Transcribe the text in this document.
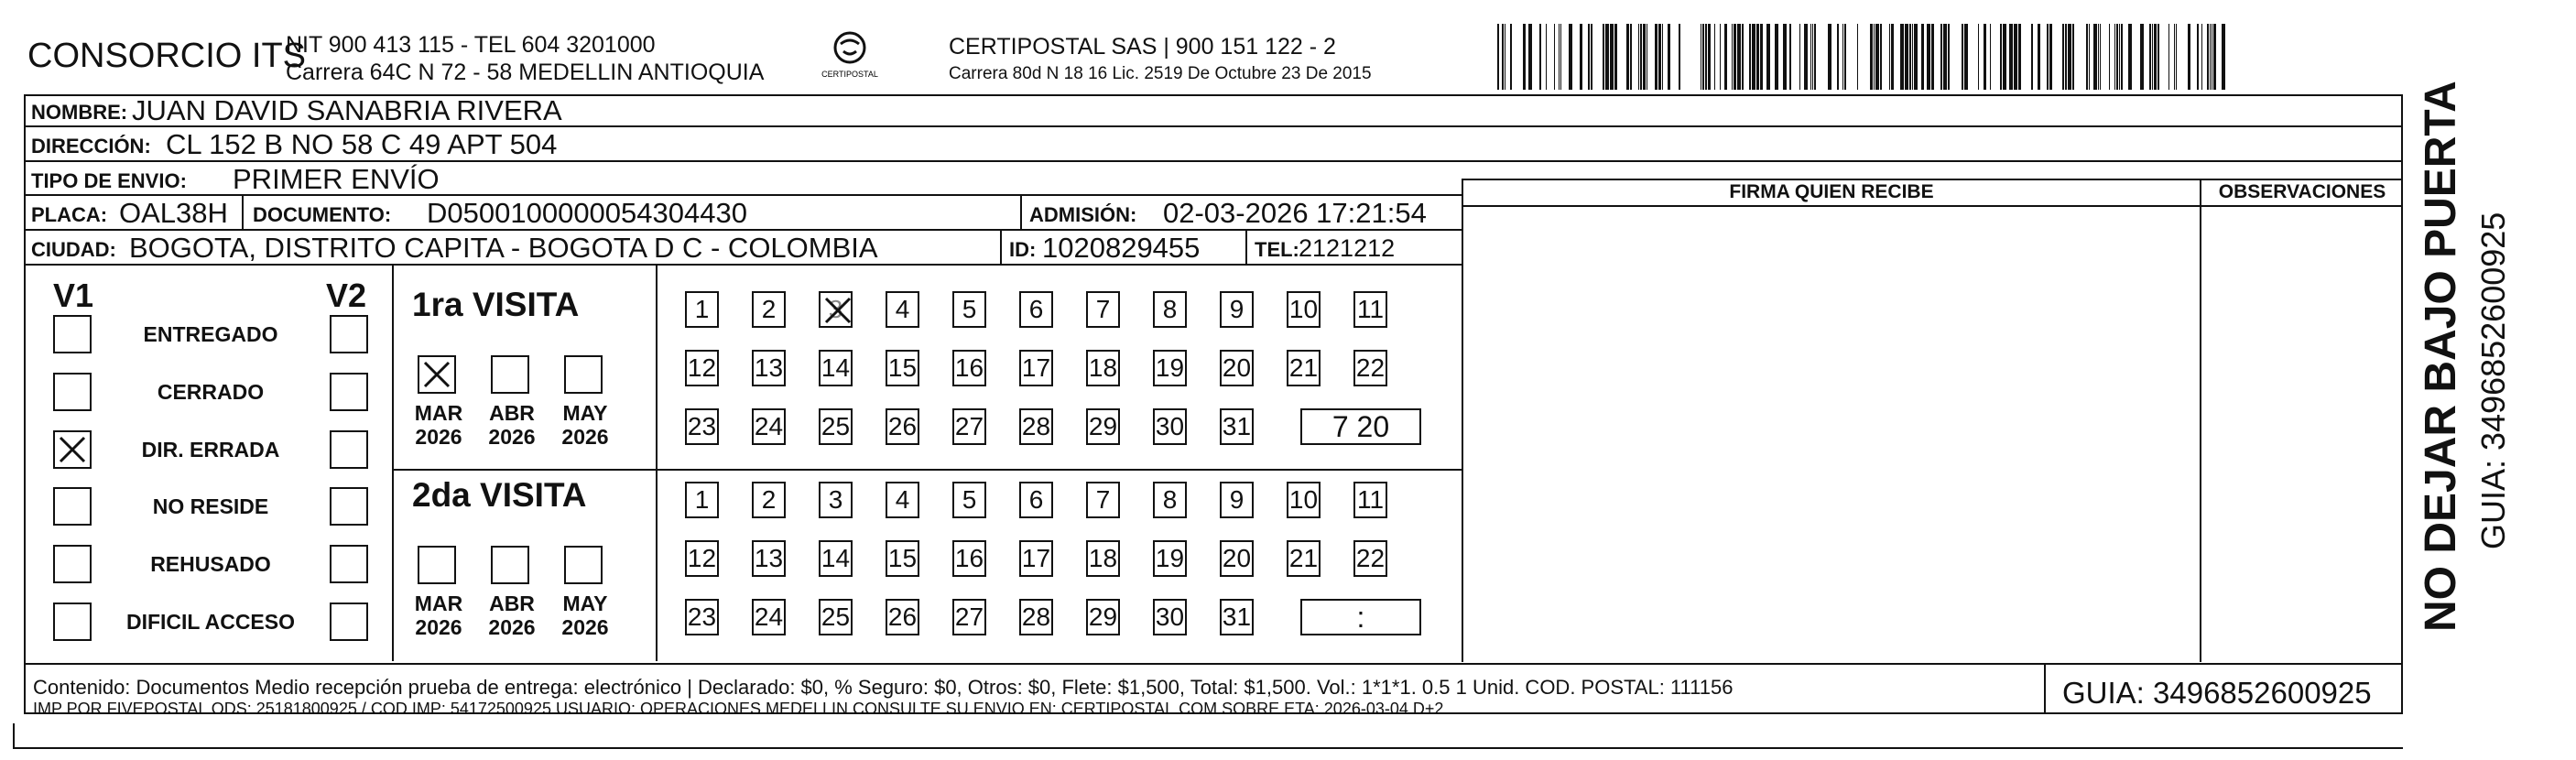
CONSORCIO ITS
NIT 900 413 115 - TEL 604 3201000
Carrera 64C N 72 - 58 MEDELLIN ANTIOQUIA	CERTIPOSTAL
CERTIPOSTAL SAS | 900 151 122 - 2
Carrera 80d N 18 16 Lic. 2519 De Octubre 23 De 2015
NOMBRE: JUAN DAVID SANABRIA RIVERA
DIRECCIÓN: CL 152 B NO 58 C 49 APT 504
TIPO DE ENVIO: PRIMER ENVÍO
PLACA: OAL38H DOCUMENTO: D0500100000054304430	ADMISIÓN: 02-03-2026 17:21:54
CIUDAD: BOGOTA, DISTRITO CAPITA - BOGOTA D C - COLOMBIA	ID: 1020829455	TEL: 2121212
FIRMA QUIEN RECIBE	OBSERVACIONES
V1	V2
ENTREGADO
CERRADO
DIR. ERRADA
NO RESIDE
REHUSADO
DIFICIL ACCESO
1ra VISITA
MAR
2026
ABR
2026
MAY
2026
1	2	3	4	5	6	7	8	9	10 11
12 13 14 15 16 17 18 19 20 21 22
23 24 25 26 27 28 29 30 31	7 20
2da VISITA
MAR
2026
ABR
2026
MAY
2026
1	2	3	4	5	6	7	8	9	10 11
12 13 14 15 16 17 18 19 20 21 22
23 24 25 26 27 28 29 30 31	:
Contenido: Documentos Medio recepción prueba de entrega: electrónico | Declarado: $0, % Seguro: $0, Otros: $0, Flete: $1,500, Total: $1,500. Vol.: 1*1*1. 0.5 1 Unid. COD. POSTAL: 111156
IMP POR FIVEPOSTAL ODS: 25181800925 / COD.IMP: 54172500925 USUARIO: OPERACIONES MEDELLIN CONSULTE SU ENVIO EN: CERTIPOSTAL.COM SOBRE ETA: 2026-03-04 D+2	GUIA: 3496852600925
NO DEJAR BAJO PUERTA GUIA: 3496852600925
